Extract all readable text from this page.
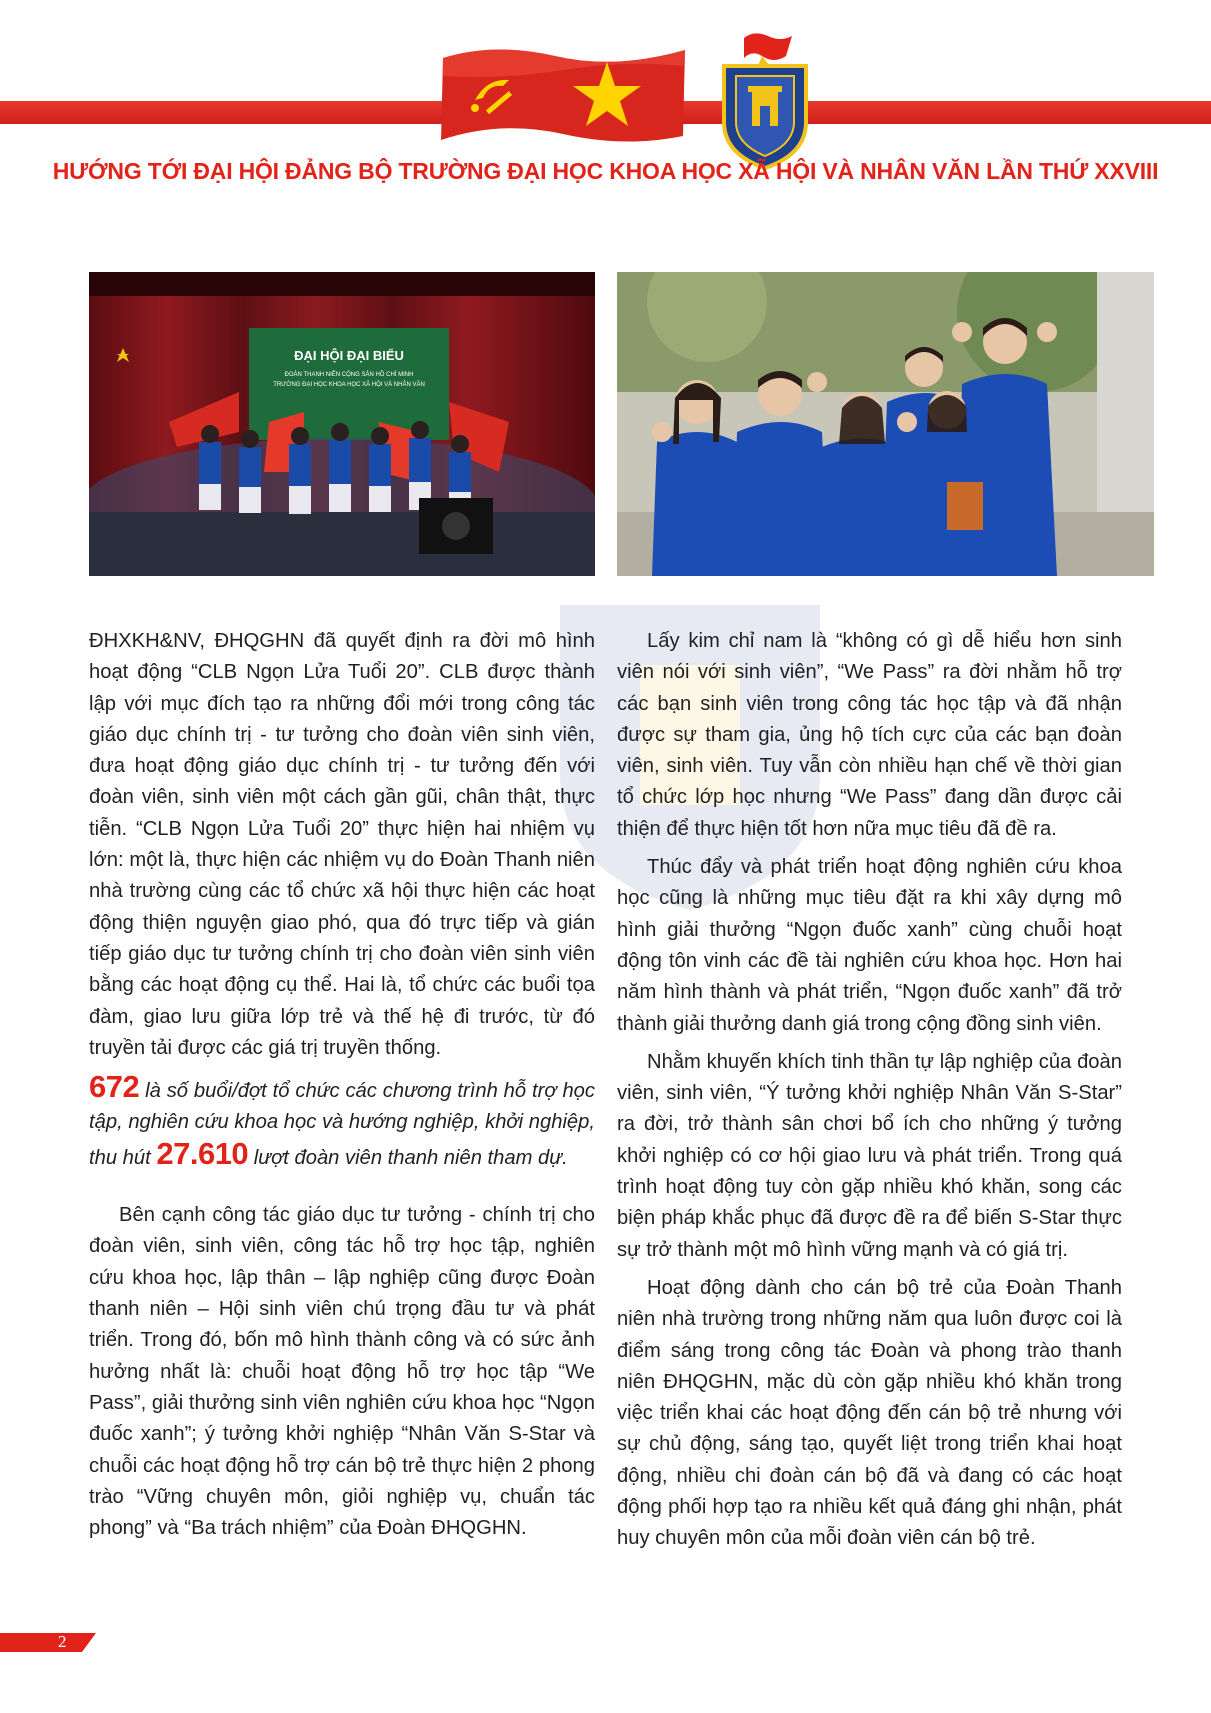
HƯỚNG TỚI ĐẠI HỘI ĐẢNG BỘ TRƯỜNG ĐẠI HỌC KHOA HỌC XÃ HỘI VÀ NHÂN VĂN LẦN THỨ XXVIII
ĐẠI HỘI ĐẠI BIỂU
ĐOÀN THANH NIÊN CỘNG SẢN HỒ CHÍ MINH
TRƯỜNG ĐẠI HỌC KHOA HỌC XÃ HỘI VÀ NHÂN VĂN

ĐHXKH&NV, ĐHQGHN đã quyết định ra đời mô hình hoạt động “CLB Ngọn Lửa Tuổi 20”. CLB được thành lập với mục đích tạo ra những đổi mới trong công tác giáo dục chính trị - tư tưởng cho đoàn viên sinh viên, đưa hoạt động giáo dục chính trị - tư tưởng đến với đoàn viên, sinh viên một cách gần gũi, chân thật, thực tiễn. “CLB Ngọn Lửa Tuổi 20” thực hiện hai nhiệm vụ lớn: một là, thực hiện các nhiệm vụ do Đoàn Thanh niên nhà trường cùng các tổ chức xã hội thực hiện các hoạt động thiện nguyện giao phó, qua đó trực tiếp và gián tiếp giáo dục tư tưởng chính trị cho đoàn viên sinh viên bằng các hoạt động cụ thể. Hai là, tổ chức các buổi tọa đàm, giao lưu giữa lớp trẻ và thế hệ đi trước, từ đó truyền tải được các giá trị truyền thống.

672 là số buổi/đợt tổ chức các chương trình hỗ trợ học tập, nghiên cứu khoa học và hướng nghiệp, khởi nghiệp, thu hút 27.610 lượt đoàn viên thanh niên tham dự.

Bên cạnh công tác giáo dục tư tưởng - chính trị cho đoàn viên, sinh viên, công tác hỗ trợ học tập, nghiên cứu khoa học, lập thân – lập nghiệp cũng được Đoàn thanh niên – Hội sinh viên chú trọng đầu tư và phát triển. Trong đó, bốn mô hình thành công và có sức ảnh hưởng nhất là: chuỗi hoạt động hỗ trợ học tập “We Pass”, giải thưởng sinh viên nghiên cứu khoa học “Ngọn đuốc xanh”; ý tưởng khởi nghiệp “Nhân Văn S-Star và chuỗi các hoạt động hỗ trợ cán bộ trẻ thực hiện 2 phong trào “Vững chuyên môn, giỏi nghiệp vụ, chuẩn tác phong” và “Ba trách nhiệm” của Đoàn ĐHQGHN.

Lấy kim chỉ nam là “không có gì dễ hiểu hơn sinh viên nói với sinh viên”, “We Pass” ra đời nhằm hỗ trợ các bạn sinh viên trong công tác học tập và đã nhận được sự tham gia, ủng hộ tích cực của các bạn đoàn viên, sinh viên. Tuy vẫn còn nhiều hạn chế về thời gian tổ chức lớp học nhưng “We Pass” đang dần được cải thiện để thực hiện tốt hơn nữa mục tiêu đã đề ra.

Thúc đẩy và phát triển hoạt động nghiên cứu khoa học cũng là những mục tiêu đặt ra khi xây dựng mô hình giải thưởng “Ngọn đuốc xanh” cùng chuỗi hoạt động tôn vinh các đề tài nghiên cứu khoa học. Hơn hai năm hình thành và phát triển, “Ngọn đuốc xanh” đã trở thành giải thưởng danh giá trong cộng đồng sinh viên.

Nhằm khuyến khích tinh thần tự lập nghiệp của đoàn viên, sinh viên, “Ý tưởng khởi nghiệp Nhân Văn S-Star” ra đời, trở thành sân chơi bổ ích cho những ý tưởng khởi nghiệp có cơ hội giao lưu và phát triển. Trong quá trình hoạt động tuy còn gặp nhiều khó khăn, song các biện pháp khắc phục đã được đề ra để biến S-Star thực sự trở thành một mô hình vững mạnh và có giá trị.

Hoạt động dành cho cán bộ trẻ của Đoàn Thanh niên nhà trường trong những năm qua luôn được coi là điểm sáng trong công tác Đoàn và phong trào thanh niên ĐHQGHN, mặc dù còn gặp nhiều khó khăn trong việc triển khai các hoạt động đến cán bộ trẻ nhưng với sự chủ động, sáng tạo, quyết liệt trong triển khai hoạt động, nhiều chi đoàn cán bộ đã và đang có các hoạt động phối hợp tạo ra nhiều kết quả đáng ghi nhận, phát huy chuyên môn của mỗi đoàn viên cán bộ trẻ.

2
